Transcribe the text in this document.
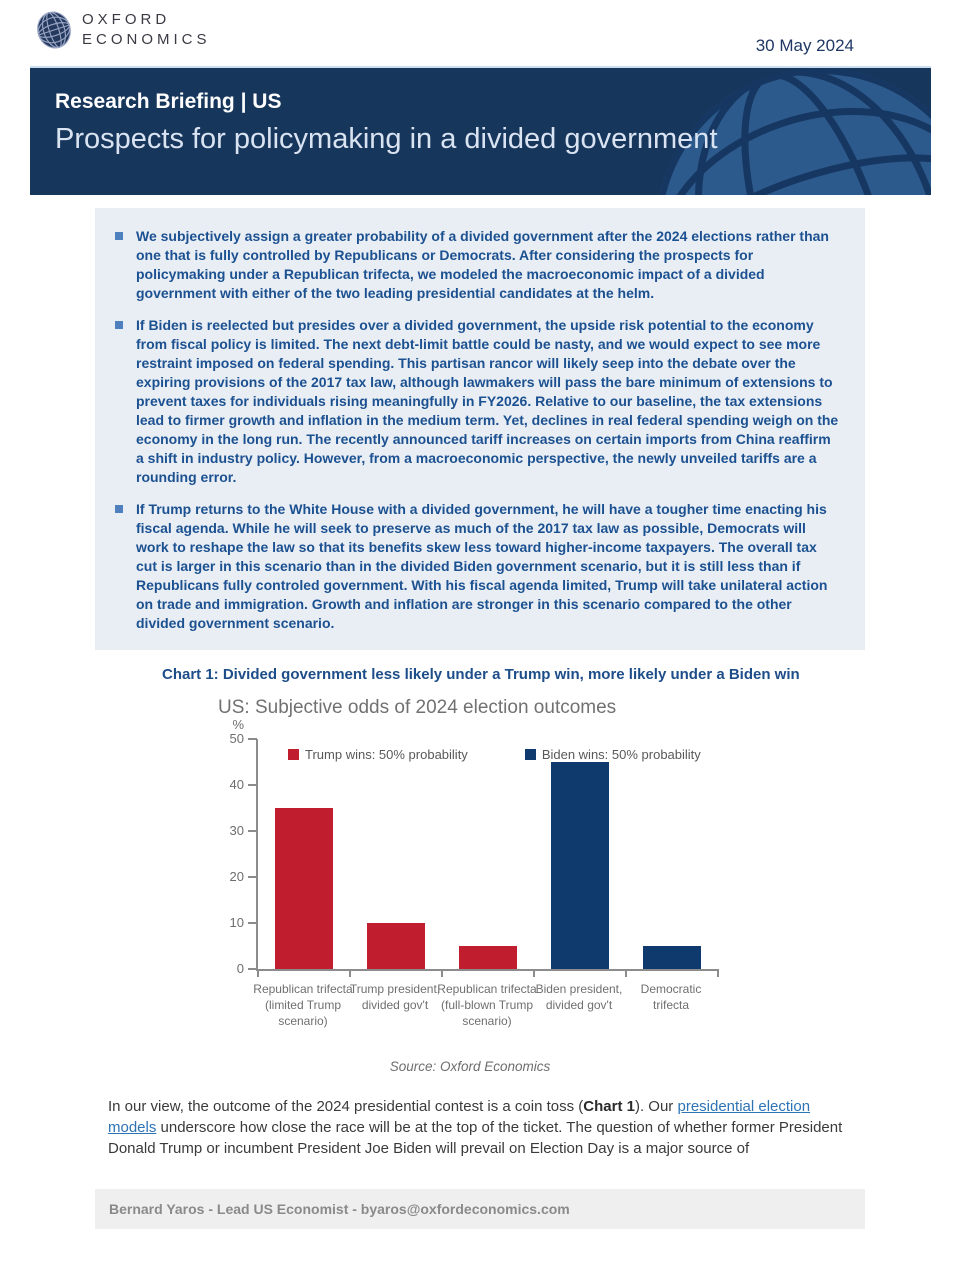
OXFORD
ECONOMICS	30 May 2024
Research Briefing | US
Prospects for policymaking in a divided government
We subjectively assign a greater probability of a divided government after the 2024 elections rather than one that is fully controlled by Republicans or Democrats. After considering the prospects for policymaking under a Republican trifecta, we modeled the macroeconomic impact of a divided government with either of the two leading presidential candidates at the helm.
If Biden is reelected but presides over a divided government, the upside risk potential to the economy from fiscal policy is limited. The next debt-limit battle could be nasty, and we would expect to see more restraint imposed on federal spending. This partisan rancor will likely seep into the debate over the expiring provisions of the 2017 tax law, although lawmakers will pass the bare minimum of extensions to prevent taxes for individuals rising meaningfully in FY2026. Relative to our baseline, the tax extensions lead to firmer growth and inflation in the medium term. Yet, declines in real federal spending weigh on the economy in the long run. The recently announced tariff increases on certain imports from China reaffirm a shift in industry policy. However, from a macroeconomic perspective, the newly unveiled tariffs are a rounding error.
If Trump returns to the White House with a divided government, he will have a tougher time enacting his fiscal agenda. While he will seek to preserve as much of the 2017 tax law as possible, Democrats will work to reshape the law so that its benefits skew less toward higher-income taxpayers. The overall tax cut is larger in this scenario than in the divided Biden government scenario, but it is still less than if Republicans fully controled government. With his fiscal agenda limited, Trump will take unilateral action on trade and immigration. Growth and inflation are stronger in this scenario compared to the other divided government scenario.
Chart 1: Divided government less likely under a Trump win, more likely under a Biden win
US: Subjective odds of 2024 election outcomes
%
Trump wins: 50% probability	Biden wins: 50% probability
0
10
20
30
40
50
Republican trifecta (limited Trump scenario)
Trump president, divided gov't
Republican trifecta (full-blown Trump scenario)
Biden president, divided gov't
Democratic trifecta
Source: Oxford Economics

In our view, the outcome of the 2024 presidential contest is a coin toss (Chart 1). Our presidential election models underscore how close the race will be at the top of the ticket. The question of whether former President Donald Trump or incumbent President Joe Biden will prevail on Election Day is a major source of

Bernard Yaros - Lead US Economist - byaros@oxfordeconomics.com
